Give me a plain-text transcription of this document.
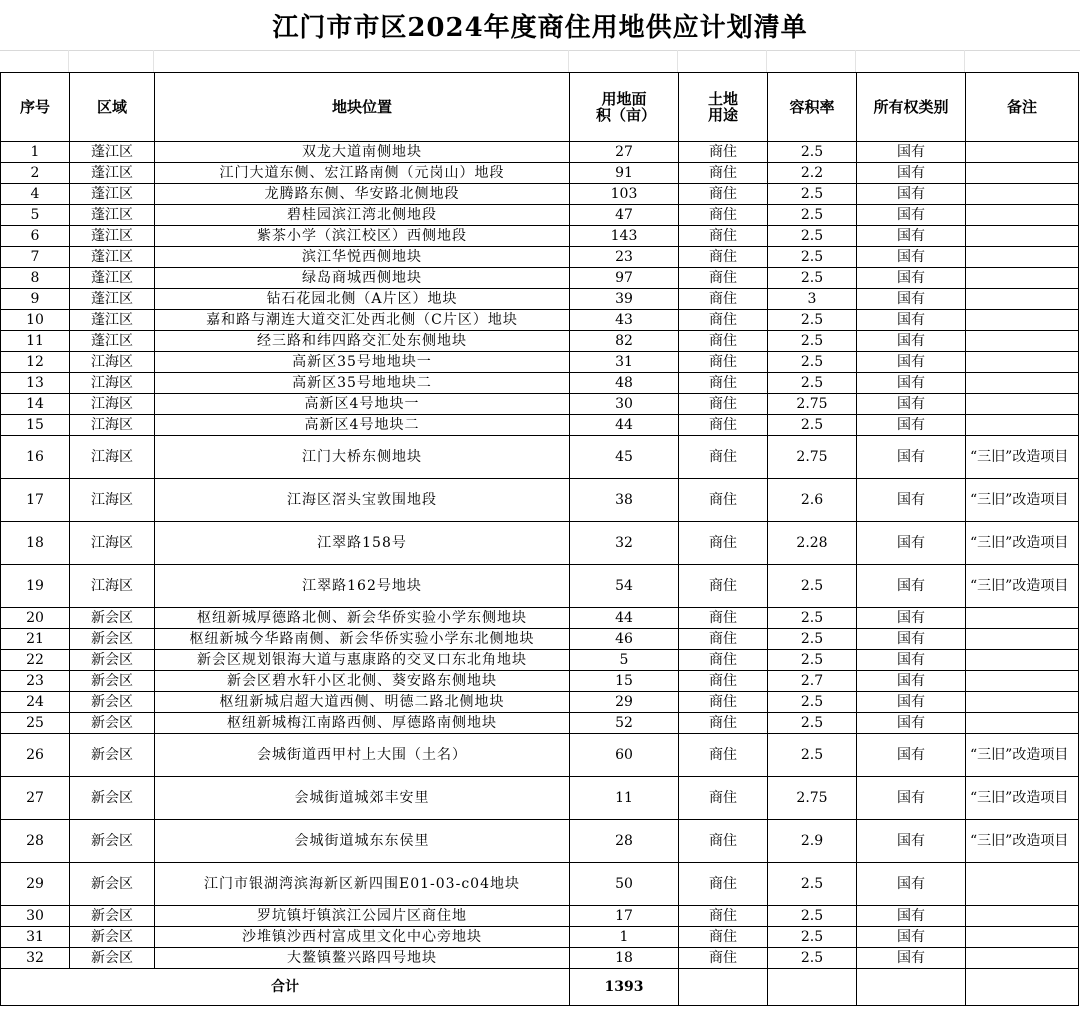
江门市市区2024年度商住用地供应计划清单
序号	区域	地块位置	用地面积（亩）	土地用途	容积率	所有权类别	备注
1	蓬江区	双龙大道南侧地块	27	商住	2.5	国有	
2	蓬江区	江门大道东侧、宏江路南侧（元岗山）地段	91	商住	2.2	国有	
4	蓬江区	龙腾路东侧、华安路北侧地段	103	商住	2.5	国有	
5	蓬江区	碧桂园滨江湾北侧地段	47	商住	2.5	国有	
6	蓬江区	紫茶小学（滨江校区）西侧地段	143	商住	2.5	国有	
7	蓬江区	滨江华悦西侧地块	23	商住	2.5	国有	
8	蓬江区	绿岛商城西侧地块	97	商住	2.5	国有	
9	蓬江区	钻石花园北侧（A片区）地块	39	商住	3	国有	
10	蓬江区	嘉和路与潮连大道交汇处西北侧（C片区）地块	43	商住	2.5	国有	
11	蓬江区	经三路和纬四路交汇处东侧地块	82	商住	2.5	国有	
12	江海区	高新区35号地地块一	31	商住	2.5	国有	
13	江海区	高新区35号地地块二	48	商住	2.5	国有	
14	江海区	高新区4号地块一	30	商住	2.75	国有	
15	江海区	高新区4号地块二	44	商住	2.5	国有	
16	江海区	江门大桥东侧地块	45	商住	2.75	国有	“三旧”改造项目
17	江海区	江海区滘头宝敦围地段	38	商住	2.6	国有	“三旧”改造项目
18	江海区	江翠路158号	32	商住	2.28	国有	“三旧”改造项目
19	江海区	江翠路162号地块	54	商住	2.5	国有	“三旧”改造项目
20	新会区	枢纽新城厚德路北侧、新会华侨实验小学东侧地块	44	商住	2.5	国有	
21	新会区	枢纽新城今华路南侧、新会华侨实验小学东北侧地块	46	商住	2.5	国有	
22	新会区	新会区规划银海大道与惠康路的交叉口东北角地块	5	商住	2.5	国有	
23	新会区	新会区碧水轩小区北侧、葵安路东侧地块	15	商住	2.7	国有	
24	新会区	枢纽新城启超大道西侧、明德二路北侧地块	29	商住	2.5	国有	
25	新会区	枢纽新城梅江南路西侧、厚德路南侧地块	52	商住	2.5	国有	
26	新会区	会城街道西甲村上大围（土名）	60	商住	2.5	国有	“三旧”改造项目
27	新会区	会城街道城郊丰安里	11	商住	2.75	国有	“三旧”改造项目
28	新会区	会城街道城东东侯里	28	商住	2.9	国有	“三旧”改造项目
29	新会区	江门市银湖湾滨海新区新四围E01-03-c04地块	50	商住	2.5	国有	
30	新会区	罗坑镇圩镇滨江公园片区商住地	17	商住	2.5	国有	
31	新会区	沙堆镇沙西村富成里文化中心旁地块	1	商住	2.5	国有	
32	新会区	大鳌镇鳌兴路四号地块	18	商住	2.5	国有	
合计			1393				
